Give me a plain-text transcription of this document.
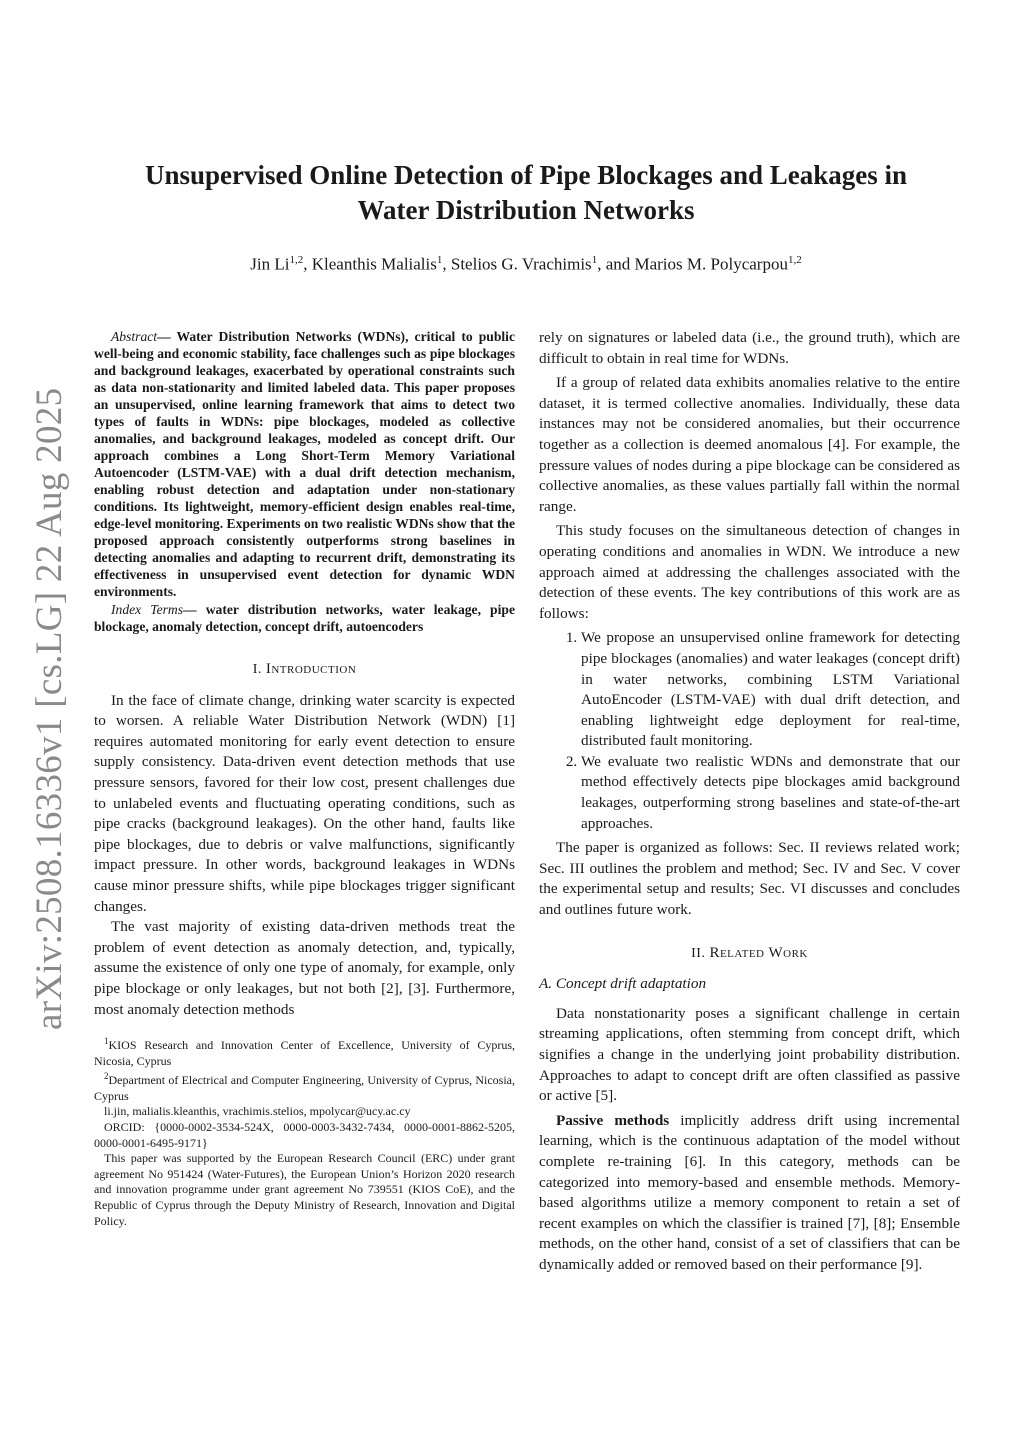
arXiv:2508.16336v1 [cs.LG] 22 Aug 2025
Unsupervised Online Detection of Pipe Blockages and Leakages in
Water Distribution Networks
Jin Li$^{1,2}$, Kleanthis Malialis$^1$, Stelios G. Vrachimis$^1$, and Marios M. Polycarpou$^{1,2}$

Abstract— Water Distribution Networks (WDNs), critical to public well-being and economic stability, face challenges such as pipe blockages and background leakages, exacerbated by operational constraints such as data non-stationarity and limited labeled data. This paper proposes an unsupervised, online learning framework that aims to detect two types of faults in WDNs: pipe blockages, modeled as collective anomalies, and background leakages, modeled as concept drift. Our approach combines a Long Short-Term Memory Variational Autoencoder (LSTM-VAE) with a dual drift detection mechanism, enabling robust detection and adaptation under non-stationary conditions. Its lightweight, memory-efficient design enables real-time, edge-level monitoring. Experiments on two realistic WDNs show that the proposed approach consistently outperforms strong baselines in detecting anomalies and adapting to recurrent drift, demonstrating its effectiveness in unsupervised event detection for dynamic WDN environments.

Index Terms— water distribution networks, water leakage, pipe blockage, anomaly detection, concept drift, autoencoders

I. Introduction

In the face of climate change, drinking water scarcity is expected to worsen. A reliable Water Distribution Network (WDN) [1] requires automated monitoring for early event detection to ensure supply consistency. Data-driven event detection methods that use pressure sensors, favored for their low cost, present challenges due to unlabeled events and fluctuating operating conditions, such as pipe cracks (background leakages). On the other hand, faults like pipe blockages, due to debris or valve malfunctions, significantly impact pressure. In other words, background leakages in WDNs cause minor pressure shifts, while pipe blockages trigger significant changes.

The vast majority of existing data-driven methods treat the problem of event detection as anomaly detection, and, typically, assume the existence of only one type of anomaly, for example, only pipe blockage or only leakages, but not both [2], [3]. Furthermore, most anomaly detection methods

$^1$KIOS Research and Innovation Center of Excellence, University of Cyprus, Nicosia, Cyprus

$^2$Department of Electrical and Computer Engineering, University of Cyprus, Nicosia, Cyprus

li.jin, malialis.kleanthis, vrachimis.stelios, mpolycar@ucy.ac.cy

ORCID: {0000-0002-3534-524X, 0000-0003-3432-7434, 0000-0001-8862-5205, 0000-0001-6495-9171}

This paper was supported by the European Research Council (ERC) under grant agreement No 951424 (Water-Futures), the European Union’s Horizon 2020 research and innovation programme under grant agreement No 739551 (KIOS CoE), and the Republic of Cyprus through the Deputy Ministry of Research, Innovation and Digital Policy.

rely on signatures or labeled data (i.e., the ground truth), which are difficult to obtain in real time for WDNs.

If a group of related data exhibits anomalies relative to the entire dataset, it is termed collective anomalies. Individually, these data instances may not be considered anomalies, but their occurrence together as a collection is deemed anomalous [4]. For example, the pressure values of nodes during a pipe blockage can be considered as collective anomalies, as these values partially fall within the normal range.

This study focuses on the simultaneous detection of changes in operating conditions and anomalies in WDN. We introduce a new approach aimed at addressing the challenges associated with the detection of these events. The key contributions of this work are as follows:

1. We propose an unsupervised online framework for detecting pipe blockages (anomalies) and water leakages (concept drift) in water networks, combining LSTM Variational AutoEncoder (LSTM-VAE) with dual drift detection, and enabling lightweight edge deployment for real-time, distributed fault monitoring.
2. We evaluate two realistic WDNs and demonstrate that our method effectively detects pipe blockages amid background leakages, outperforming strong baselines and state-of-the-art approaches.

The paper is organized as follows: Sec. II reviews related work; Sec. III outlines the problem and method; Sec. IV and Sec. V cover the experimental setup and results; Sec. VI discusses and concludes and outlines future work.

II. Related Work

A. Concept drift adaptation

Data nonstationarity poses a significant challenge in certain streaming applications, often stemming from concept drift, which signifies a change in the underlying joint probability distribution. Approaches to adapt to concept drift are often classified as passive or active [5].

Passive methods implicitly address drift using incremental learning, which is the continuous adaptation of the model without complete re-training [6]. In this category, methods can be categorized into memory-based and ensemble methods. Memory-based algorithms utilize a memory component to retain a set of recent examples on which the classifier is trained [7], [8]; Ensemble methods, on the other hand, consist of a set of classifiers that can be dynamically added or removed based on their performance [9].
